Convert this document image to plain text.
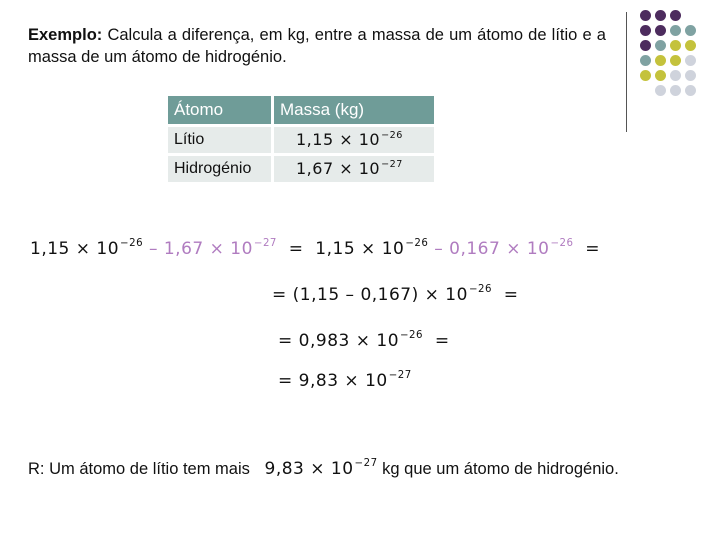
Exemplo: Calcula a diferença, em kg, entre a massa de um átomo de lítio e a massa de um átomo de hidrogénio.
Átomo	Massa (kg)
Lítio	$1,15 \times 10^{-26}$
Hidrogénio	$1,67 \times 10^{-27}$
$1,15 \times 10^{-26} - 1,67 \times 10^{-27} = 1,15 \times 10^{-26} - 0,167 \times 10^{-26}$  =
= $(1,15 - 0,167) \times 10^{-26}$  =
= $0,983 \times 10^{-26}$  =
= $9,83 \times 10^{-27}$
R: Um átomo de lítio tem mais $9,83 \times 10^{-27}$ kg que um átomo de hidrogénio.
